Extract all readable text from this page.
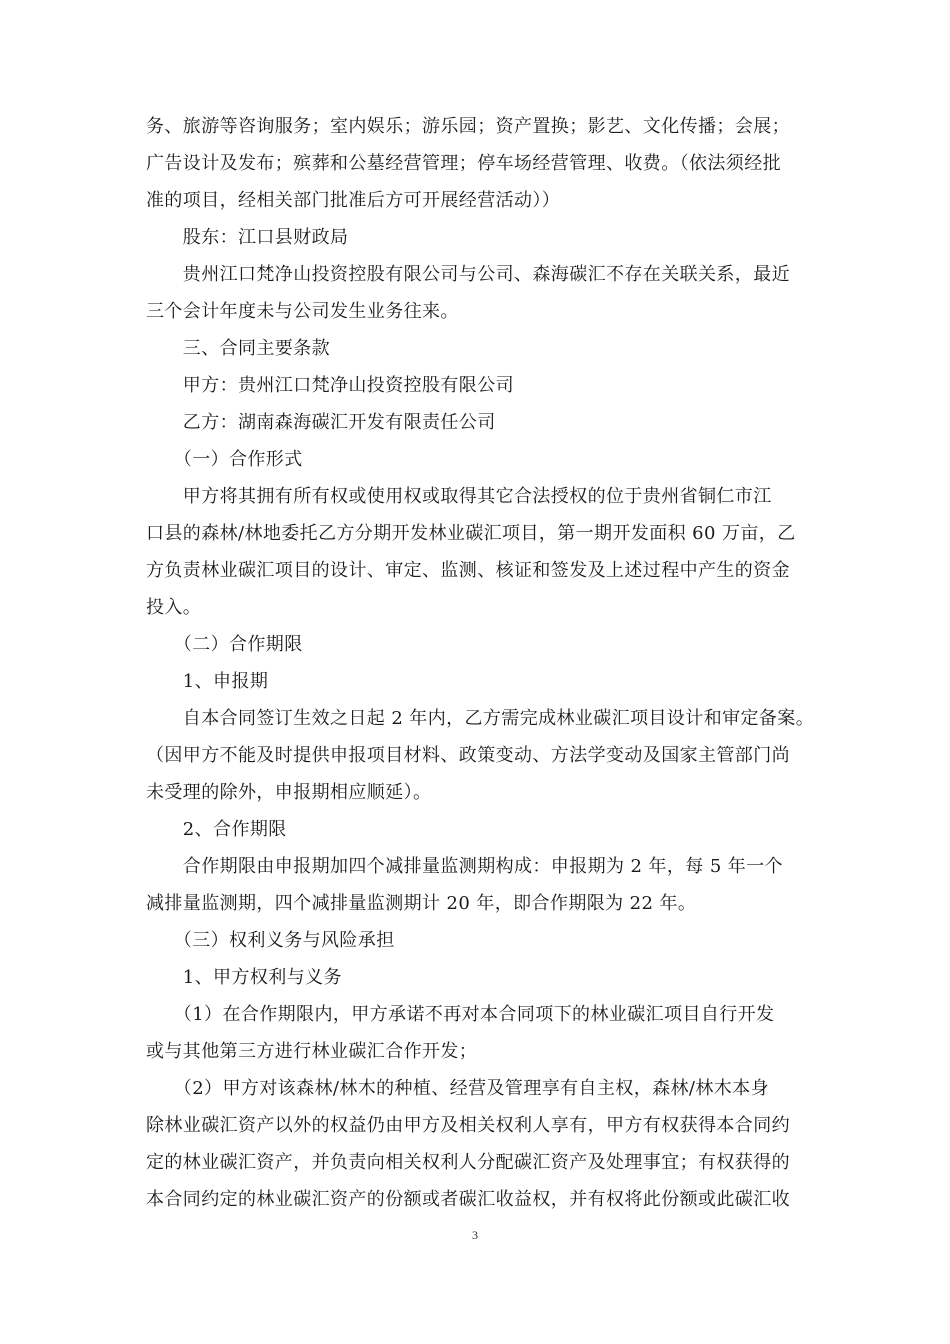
务、旅游等咨询服务；室内娱乐；游乐园；资产置换；影艺、文化传播；会展；
广告设计及发布；殡葬和公墓经营管理；停车场经营管理、收费。（依法须经批
准的项目，经相关部门批准后方可开展经营活动））
　　股东：江口县财政局
　　贵州江口梵净山投资控股有限公司与公司、森海碳汇不存在关联关系，最近
三个会计年度未与公司发生业务往来。
　　三、合同主要条款
　　甲方：贵州江口梵净山投资控股有限公司
　　乙方：湖南森海碳汇开发有限责任公司
　　（一）合作形式
　　甲方将其拥有所有权或使用权或取得其它合法授权的位于贵州省铜仁市江
口县的森林/林地委托乙方分期开发林业碳汇项目，第一期开发面积 60 万亩，乙
方负责林业碳汇项目的设计、审定、监测、核证和签发及上述过程中产生的资金
投入。
　　（二）合作期限
　　1、申报期
　　自本合同签订生效之日起 2 年内，乙方需完成林业碳汇项目设计和审定备案。
（因甲方不能及时提供申报项目材料、政策变动、方法学变动及国家主管部门尚
未受理的除外，申报期相应顺延）。
　　2、合作期限
　　合作期限由申报期加四个减排量监测期构成：申报期为 2 年，每 5 年一个
减排量监测期，四个减排量监测期计 20 年，即合作期限为 22 年。
　　（三）权利义务与风险承担
　　1、甲方权利与义务
　　（1）在合作期限内，甲方承诺不再对本合同项下的林业碳汇项目自行开发
或与其他第三方进行林业碳汇合作开发；
　　（2）甲方对该森林/林木的种植、经营及管理享有自主权，森林/林木本身
除林业碳汇资产以外的权益仍由甲方及相关权利人享有，甲方有权获得本合同约
定的林业碳汇资产，并负责向相关权利人分配碳汇资产及处理事宜；有权获得的
本合同约定的林业碳汇资产的份额或者碳汇收益权，并有权将此份额或此碳汇收
3
